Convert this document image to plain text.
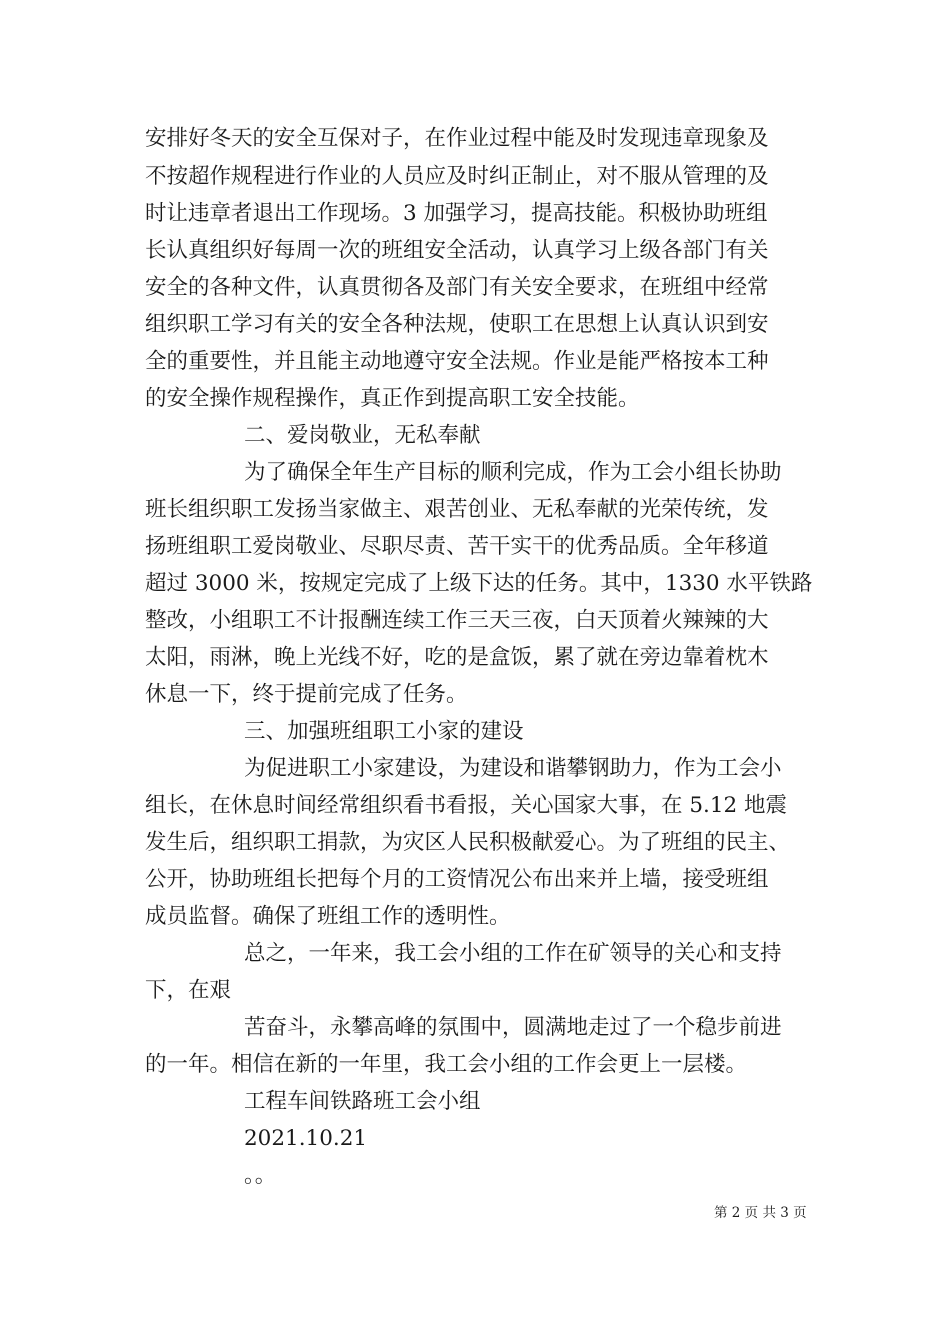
安排好冬天的安全互保对子，在作业过程中能及时发现违章现象及
不按超作规程进行作业的人员应及时纠正制止，对不服从管理的及
时让违章者退出工作现场。3 加强学习，提高技能。积极协助班组
长认真组织好每周一次的班组安全活动，认真学习上级各部门有关
安全的各种文件，认真贯彻各及部门有关安全要求，在班组中经常
组织职工学习有关的安全各种法规，使职工在思想上认真认识到安
全的重要性，并且能主动地遵守安全法规。作业是能严格按本工种
的安全操作规程操作，真正作到提高职工安全技能。
二、爱岗敬业，无私奉献
为了确保全年生产目标的顺利完成，作为工会小组长协助
班长组织职工发扬当家做主、艰苦创业、无私奉献的光荣传统，发
扬班组职工爱岗敬业、尽职尽责、苦干实干的优秀品质。全年移道
超过 3000 米，按规定完成了上级下达的任务。其中，1330 水平铁路
整改，小组职工不计报酬连续工作三天三夜，白天顶着火辣辣的大
太阳，雨淋，晚上光线不好，吃的是盒饭，累了就在旁边靠着枕木
休息一下，终于提前完成了任务。
三、加强班组职工小家的建设
为促进职工小家建设，为建设和谐攀钢助力，作为工会小
组长，在休息时间经常组织看书看报，关心国家大事，在 5.12 地震
发生后，组织职工捐款，为灾区人民积极献爱心。为了班组的民主、
公开，协助班组长把每个月的工资情况公布出来并上墙，接受班组
成员监督。确保了班组工作的透明性。
总之，一年来，我工会小组的工作在矿领导的关心和支持
下，在艰
苦奋斗，永攀高峰的氛围中，圆满地走过了一个稳步前进
的一年。相信在新的一年里，我工会小组的工作会更上一层楼。
工程车间铁路班工会小组
2021.10.21
。。
第 2 页 共 3 页
